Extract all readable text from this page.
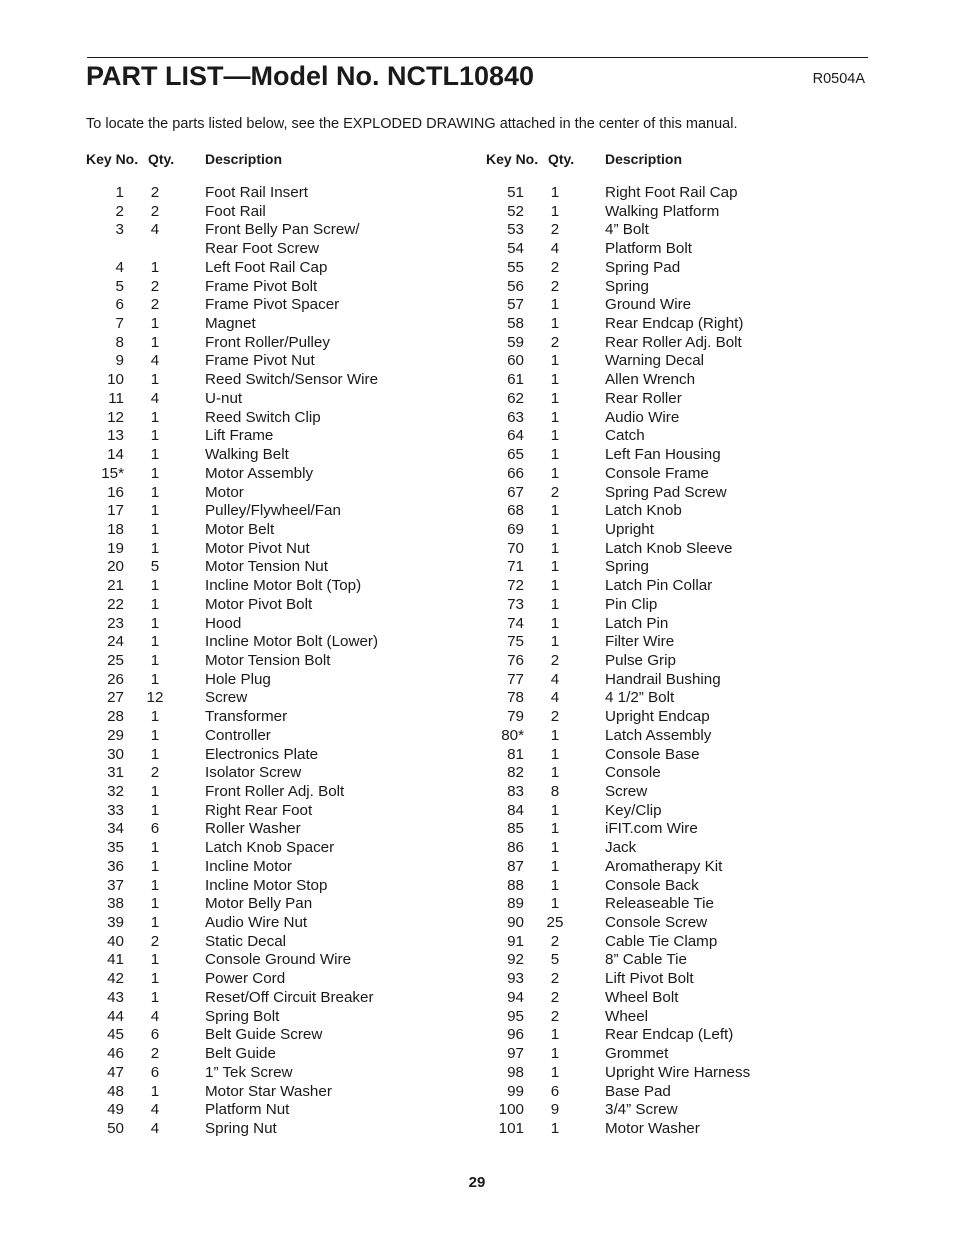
PART LIST—Model No. NCTL10840	R0504A
To locate the parts listed below, see the EXPLODED DRAWING attached in the center of this manual.
Key No. Qty. Description
1	2	Foot Rail Insert
2	2	Foot Rail
3	4	Front Belly Pan Screw/
Rear Foot Screw
4	1	Left Foot Rail Cap
5	2	Frame Pivot Bolt
6	2	Frame Pivot Spacer
7	1	Magnet
8	1	Front Roller/Pulley
9	4	Frame Pivot Nut
10	1	Reed Switch/Sensor Wire
11	4	U-nut
12	1	Reed Switch Clip
13	1	Lift Frame
14	1	Walking Belt
15*	1	Motor Assembly
16	1	Motor
17	1	Pulley/Flywheel/Fan
18	1	Motor Belt
19	1	Motor Pivot Nut
20	5	Motor Tension Nut
21	1	Incline Motor Bolt (Top)
22	1	Motor Pivot Bolt
23	1	Hood
24	1	Incline Motor Bolt (Lower)
25	1	Motor Tension Bolt
26	1	Hole Plug
27	12	Screw
28	1	Transformer
29	1	Controller
30	1	Electronics Plate
31	2	Isolator Screw
32	1	Front Roller Adj. Bolt
33	1	Right Rear Foot
34	6	Roller Washer
35	1	Latch Knob Spacer
36	1	Incline Motor
37	1	Incline Motor Stop
38	1	Motor Belly Pan
39	1	Audio Wire Nut
40	2	Static Decal
41	1	Console Ground Wire
42	1	Power Cord
43	1	Reset/Off Circuit Breaker
44	4	Spring Bolt
45	6	Belt Guide Screw
46	2	Belt Guide
47	6	1” Tek Screw
48	1	Motor Star Washer
49	4	Platform Nut
50	4	Spring Nut
Key No. Qty. Description
51	1	Right Foot Rail Cap
52	1	Walking Platform
53	2	4” Bolt
54	4	Platform Bolt
55	2	Spring Pad
56	2	Spring
57	1	Ground Wire
58	1	Rear Endcap (Right)
59	2	Rear Roller Adj. Bolt
60	1	Warning Decal
61	1	Allen Wrench
62	1	Rear Roller
63	1	Audio Wire
64	1	Catch
65	1	Left Fan Housing
66	1	Console Frame
67	2	Spring Pad Screw
68	1	Latch Knob
69	1	Upright
70	1	Latch Knob Sleeve
71	1	Spring
72	1	Latch Pin Collar
73	1	Pin Clip
74	1	Latch Pin
75	1	Filter Wire
76	2	Pulse Grip
77	4	Handrail Bushing
78	4	4 1/2” Bolt
79	2	Upright Endcap
80*	1	Latch Assembly
81	1	Console Base
82	1	Console
83	8	Screw
84	1	Key/Clip
85	1	iFIT.com Wire
86	1	Jack
87	1	Aromatherapy Kit
88	1	Console Back
89	1	Releaseable Tie
90	25	Console Screw
91	2	Cable Tie Clamp
92	5	8” Cable Tie
93	2	Lift Pivot Bolt
94	2	Wheel Bolt
95	2	Wheel
96	1	Rear Endcap (Left)
97	1	Grommet
98	1	Upright Wire Harness
99	6	Base Pad
100	9	3/4” Screw
101	1	Motor Washer
29
